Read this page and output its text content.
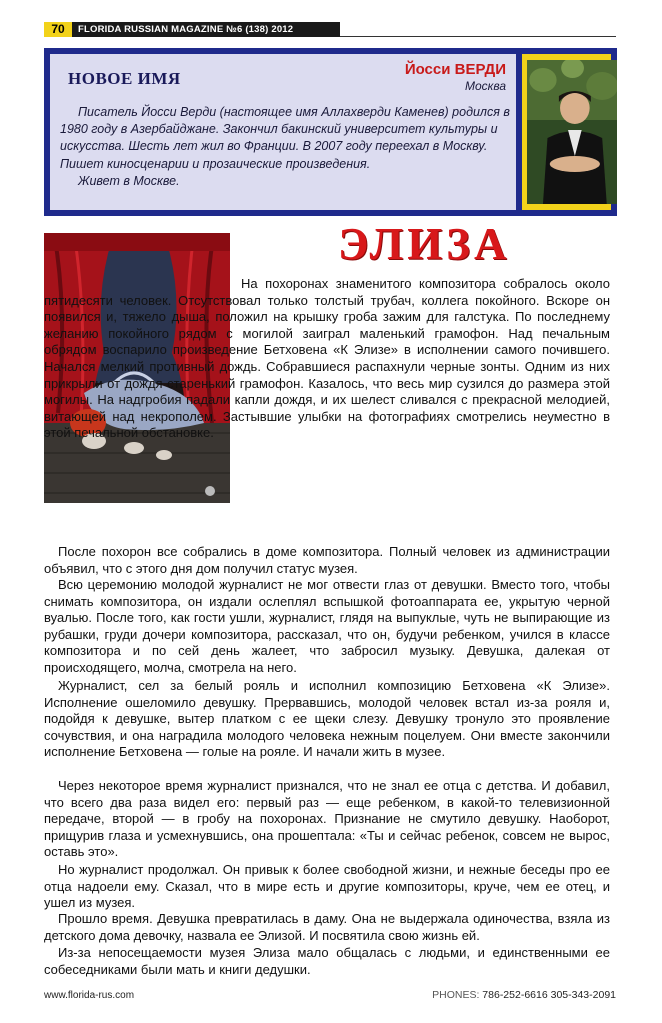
70	FLORIDA RUSSIAN MAGAZINE №6 (138) 2012
НОВОЕ ИМЯ	Йосси ВЕРДИ
Москва

Писатель Йосси Верди (настоящее имя Аллахверди Каменев) родился в 1980 году в Азербайджане. Закончил бакинский университет культуры и искусства. Шесть лет жил во Франции. В 2007 году переехал в Москву. Пишет киносценарии и прозаические произведения.

Живет в Москве.

ЭЛИЗА

На похоронах знаменитого композитора собралось около пятидесяти человек. Отсутствовал только толстый трубач, коллега покойного. Вскоре он появился и, тяжело дыша, положил на крышку гроба зажим для галстука. По последнему желанию покойного рядом с могилой заиграл маленький грамофон. Над печальным обрядом воспарило произведение Бетховена «К Элизе» в исполнении самого почившего. Начался мелкий противный дождь. Собравшиеся распахнули черные зонты. Одним из них прикрыли от дождя старенький грамофон. Казалось, что весь мир сузился до размера этой могилы. На надгробия падали капли дождя, и их шелест сливался с прекрасной мелодией, витающей над некрополем. Застывшие улыбки на фотографиях смотрелись неуместно в этой печальной обстановке.

После похорон все собрались в доме композитора. Полный человек из администрации объявил, что с этого дня дом получил статус музея.

Всю церемонию молодой журналист не мог отвести глаз от девушки. Вместо того, чтобы снимать композитора, он издали ослеплял вспышкой фотоаппарата ее, укрытую черной вуалью. После того, как гости ушли, журналист, глядя на выпуклые, чуть не выпирающие из рубашки, груди дочери композитора, рассказал, что он, будучи ребенком, учился в классе композитора и по сей день жалеет, что забросил музыку. Девушка, далекая от происходящего, молча, смотрела на него.

Журналист, сел за белый рояль и исполнил композицию Бетховена «К Элизе». Исполнение ошеломило девушку. Прервавшись, молодой человек встал из-за рояля и, подойдя к девушке, вытер платком с ее щеки слезу. Девушку тронуло это проявление сочувствия, и она наградила молодого человека нежным поцелуем. Они вместе закончили исполнение Бетховена — голые на рояле. И начали жить в музее.

Через некоторое время журналист признался, что не знал ее отца с детства. И добавил, что всего два раза видел его: первый раз — еще ребенком, в какой-то телевизионной передаче, второй — в гробу на похоронах. Признание не смутило девушку. Наоборот, прищурив глаза и усмехнувшись, она прошептала: «Ты и сейчас ребенок, совсем не вырос, оставь это».

Но журналист продолжал. Он привык к более свободной жизни, и нежные беседы про ее отца надоели ему. Сказал, что в мире есть и другие композиторы, круче, чем ее отец, и ушел из музея.

Прошло время. Девушка превратилась в даму. Она не выдержала одиночества, взяла из детского дома девочку, назвала ее Элизой. И посвятила свою жизнь ей.

Из-за непосещаемости музея Элиза мало общалась с людьми, и единственными ее собеседниками были мать и книги дедушки.

www.florida-rus.com	PHONES: 786-252-6616 305-343-2091
